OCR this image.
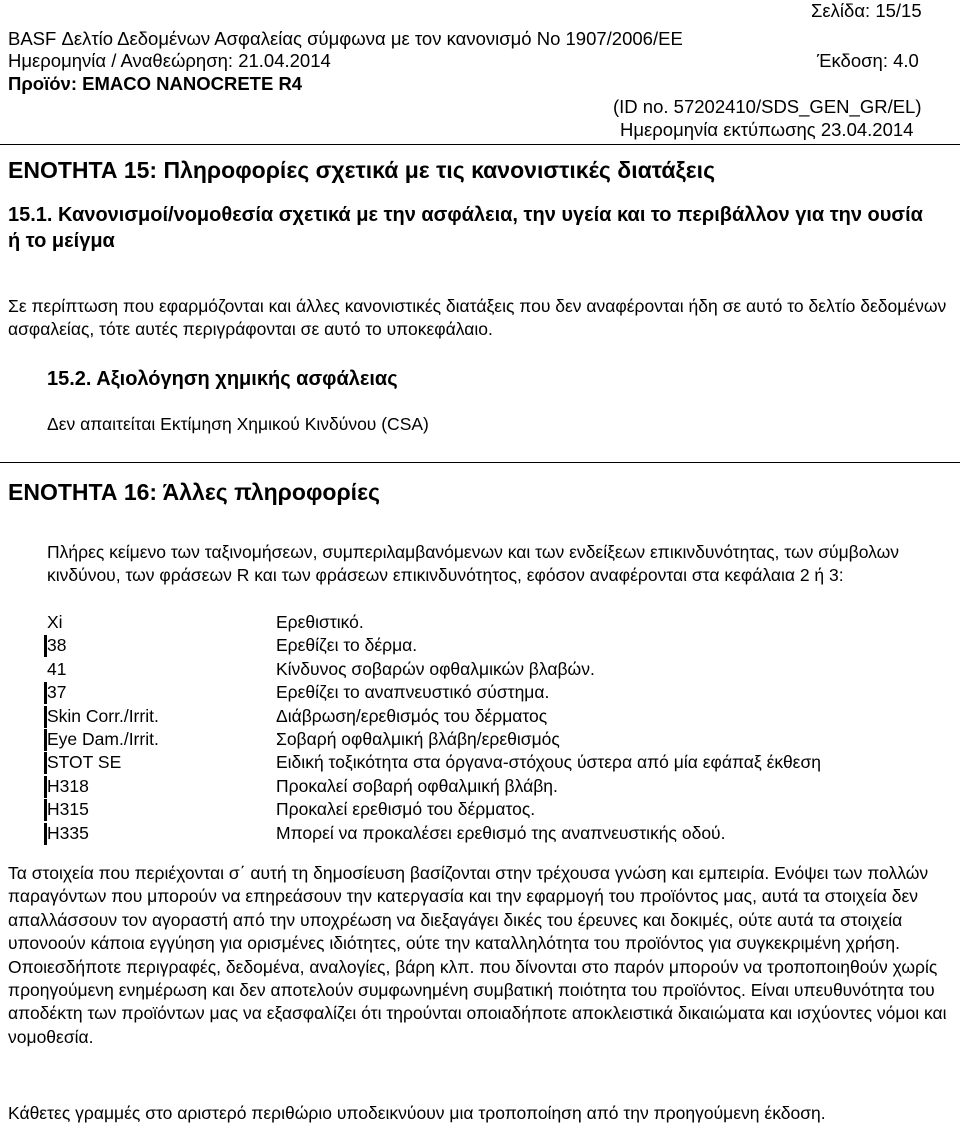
Σελίδα: 15/15
BASF Δελτίο Δεδομένων Ασφαλείας σύμφωνα με τον κανονισμό No 1907/2006/ΕΕ
Ημερομηνία / Αναθεώρηση: 21.04.2014	Έκδοση: 4.0
Προϊόν: EMACO NANOCRETE R4
(ID no. 57202410/SDS_GEN_GR/EL)
Ημερομηνία εκτύπωσης 23.04.2014
ΕΝΟΤΗΤΑ 15: Πληροφορίες σχετικά με τις κανονιστικές διατάξεις
15.1. Κανονισμοί/νομοθεσία σχετικά με την ασφάλεια, την υγεία και το περιβάλλον για την ουσία ή το μείγμα
Σε περίπτωση που εφαρμόζονται και άλλες κανονιστικές διατάξεις που δεν αναφέρονται ήδη σε αυτό το δελτίο δεδομένων ασφαλείας, τότε αυτές περιγράφονται σε αυτό το υποκεφάλαιο.
15.2. Αξιολόγηση χημικής ασφάλειας
Δεν απαιτείται Εκτίμηση Χημικού Κινδύνου (CSA)
ΕΝΟΤΗΤΑ 16: Άλλες πληροφορίες
Πλήρες κείμενο των ταξινομήσεων, συμπεριλαμβανόμενων και των ενδείξεων επικινδυνότητας, των σύμβολων κινδύνου, των φράσεων R και των φράσεων επικινδυνότητος, εφόσον αναφέρονται στα κεφάλαια 2 ή 3:
Xi	Ερεθιστικό.
38	Ερεθίζει το δέρμα.
41	Κίνδυνος σοβαρών οφθαλμικών βλαβών.
37	Ερεθίζει το αναπνευστικό σύστημα.
Skin Corr./Irrit.	Διάβρωση/ερεθισμός του δέρματος
Eye Dam./Irrit.	Σοβαρή οφθαλμική βλάβη/ερεθισμός
STOT SE	Ειδική τοξικότητα στα όργανα-στόχους ύστερα από μία εφάπαξ έκθεση
H318	Προκαλεί σοβαρή οφθαλμική βλάβη.
H315	Προκαλεί ερεθισμό του δέρματος.
H335	Μπορεί να προκαλέσει ερεθισμό της αναπνευστικής οδού.
Τα στοιχεία που περιέχονται σ΄ αυτή τη δημοσίευση βασίζονται στην τρέχουσα γνώση και εμπειρία. Ενόψει των πολλών παραγόντων που μπορούν να επηρεάσουν την κατεργασία και την εφαρμογή του προϊόντος μας, αυτά τα στοιχεία δεν απαλλάσσουν τον αγοραστή από την υποχρέωση να διεξαγάγει δικές του έρευνες και δοκιμές, ούτε αυτά τα στοιχεία υπονοούν κάποια εγγύηση για ορισμένες ιδιότητες, ούτε την καταλληλότητα του προϊόντος για συγκεκριμένη χρήση. Οποιεσδήποτε περιγραφές, δεδομένα, αναλογίες, βάρη κλπ. που δίνονται στο παρόν μπορούν να τροποποιηθούν χωρίς προηγούμενη ενημέρωση και δεν αποτελούν συμφωνημένη συμβατική ποιότητα του προϊόντος. Είναι υπευθυνότητα του αποδέκτη των προϊόντων μας να εξασφαλίζει ότι τηρούνται οποιαδήποτε αποκλειστικά δικαιώματα και ισχύοντες νόμοι και νομοθεσία.
Κάθετες γραμμές στο αριστερό περιθώριο υποδεικνύουν μια τροποποίηση από την προηγούμενη έκδοση.
